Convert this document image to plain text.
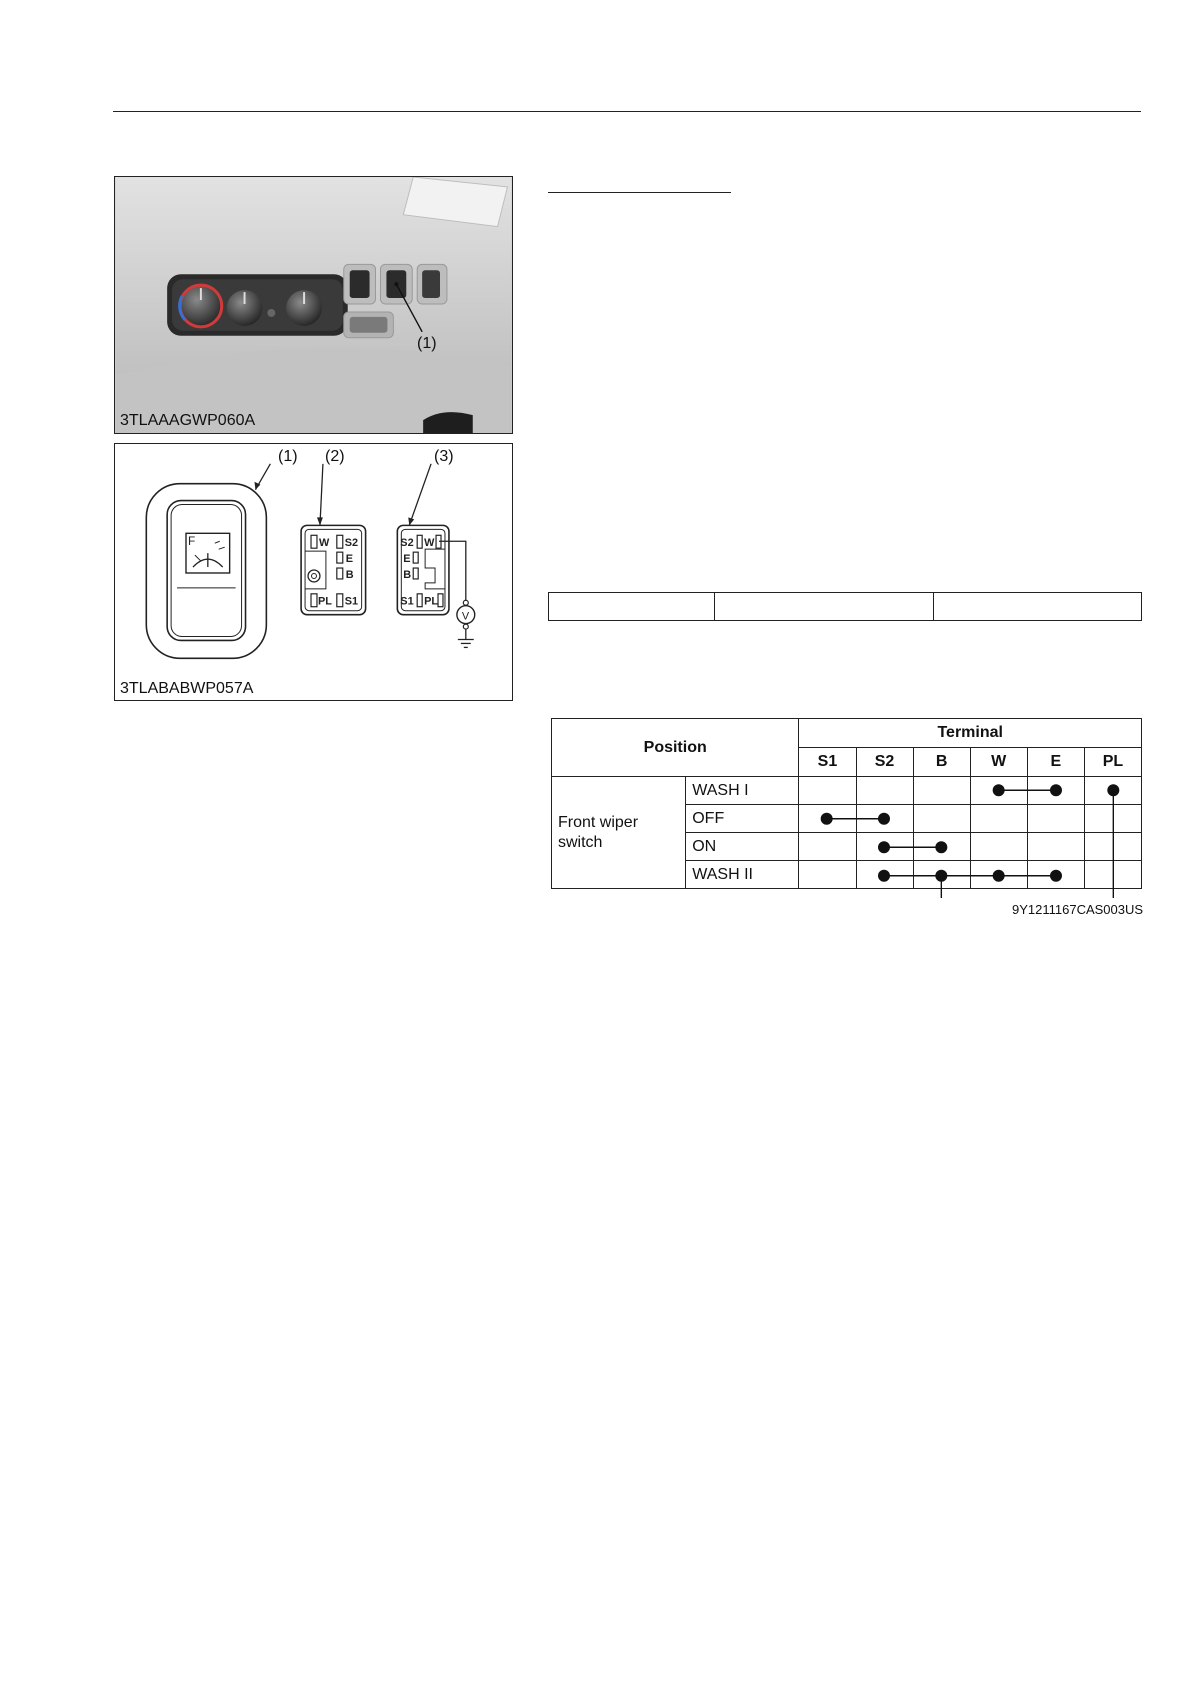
(1)
3TLAAAGWP060A
F	W S2
E
B
PL S1
S2 W
E
B
S1 PL
V
(1) (2)	(3)
3TLABABWP057A

Position		Terminal					
		S1	S2	B	W	E	PL
Front wiper
switch	WASH I						
	OFF						
	ON						
	WASH II						
9Y1211167CAS003US
